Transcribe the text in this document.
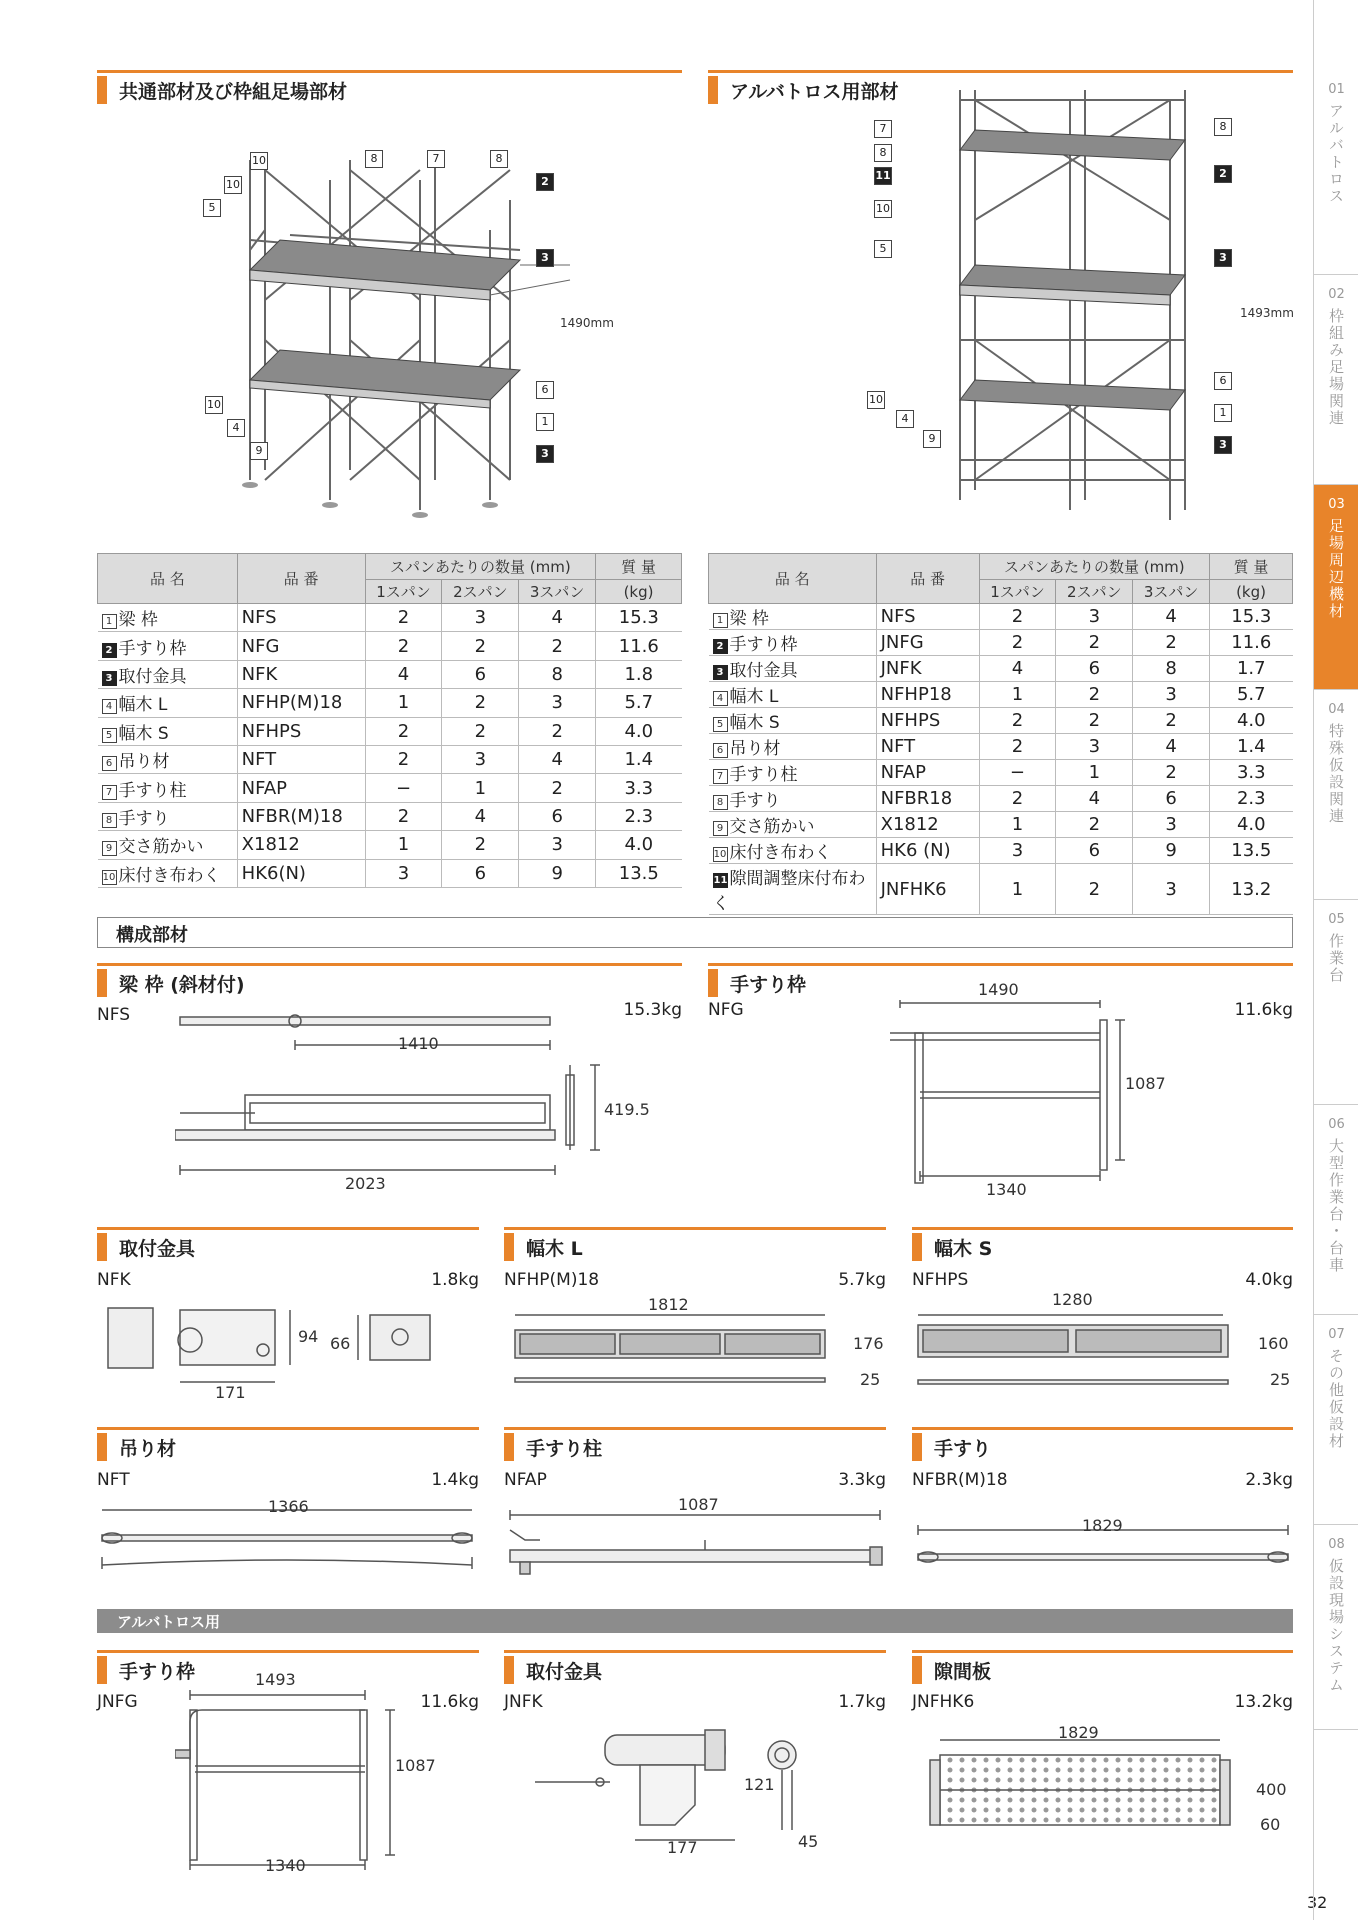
共通部材及び枠組足場部材	アルバトロス用部材
1490mm
10
10
5
8	7	8
2
3
10
4
9
6
1
3
1493mm
7
8
11
10
5
8
2
3
10
4
9
6
1
3
品 名	品 番	スパンあたりの数量 (mm)			質 量
		1スパン	2スパン	3スパン	(kg)
1 梁 枠	NFS	2	3	4	15.3
2 手すり枠	NFG	2	2	2	11.6
3 取付金具	NFK	4	6	8	1.8
4 幅木 L	NFHP(M)18	1	2	3	5.7
5 幅木 S	NFHPS	2	2	2	4.0
6 吊り材	NFT	2	3	4	1.4
7 手すり柱	NFAP	−	1	2	3.3
8 手すり	NFBR(M)18	2	4	6	2.3
9 交さ筋かい	X1812	1	2	3	4.0
10 床付き布わく	HK6(N)	3	6	9	13.5
品 名	品 番	スパンあたりの数量 (mm)			質 量
		1スパン	2スパン	3スパン	(kg)
1 梁 枠	NFS	2	3	4	15.3
2 手すり枠	JNFG	2	2	2	11.6
3 取付金具	JNFK	4	6	8	1.7
4 幅木 L	NFHP18	1	2	3	5.7
5 幅木 S	NFHPS	2	2	2	4.0
6 吊り材	NFT	2	3	4	1.4
7 手すり柱	NFAP	−	1	2	3.3
8 手すり	NFBR18	2	4	6	2.3
9 交さ筋かい	X1812	1	2	3	4.0
10 床付き布わく	HK6 (N)	3	6	9	13.5
11 隙間調整床付布わく	JNFHK6	1	2	3	13.2
構成部材
梁 枠 (斜材付)
NFS	15.3kg
1410
419.5
2023
手すり枠
NFG	11.6kg
1490
1087
1340
取付金具
NFK	1.8kg
94 66
171
幅木 L
NFHP(M)18	5.7kg
1812
176
25
幅木 S
NFHPS	4.0kg
1280
160
25
吊り材
NFT	1.4kg
1366
手すり柱
NFAP	3.3kg
1087
手すり
NFBR(M)18	2.3kg
1829
アルバトロス用
手すり枠
JNFG	11.6kg
1493
1087
1340
取付金具
JNFK	1.7kg
121
177	45
隙間板
JNFHK6	13.2kg
1829
400
60
32
01
アルバトロス
02
枠組み足場関連
03
足場周辺機材
04
特殊仮設関連
05
作業台
06
大型作業台・台車
07
その他仮設材
08
仮設現場システム
